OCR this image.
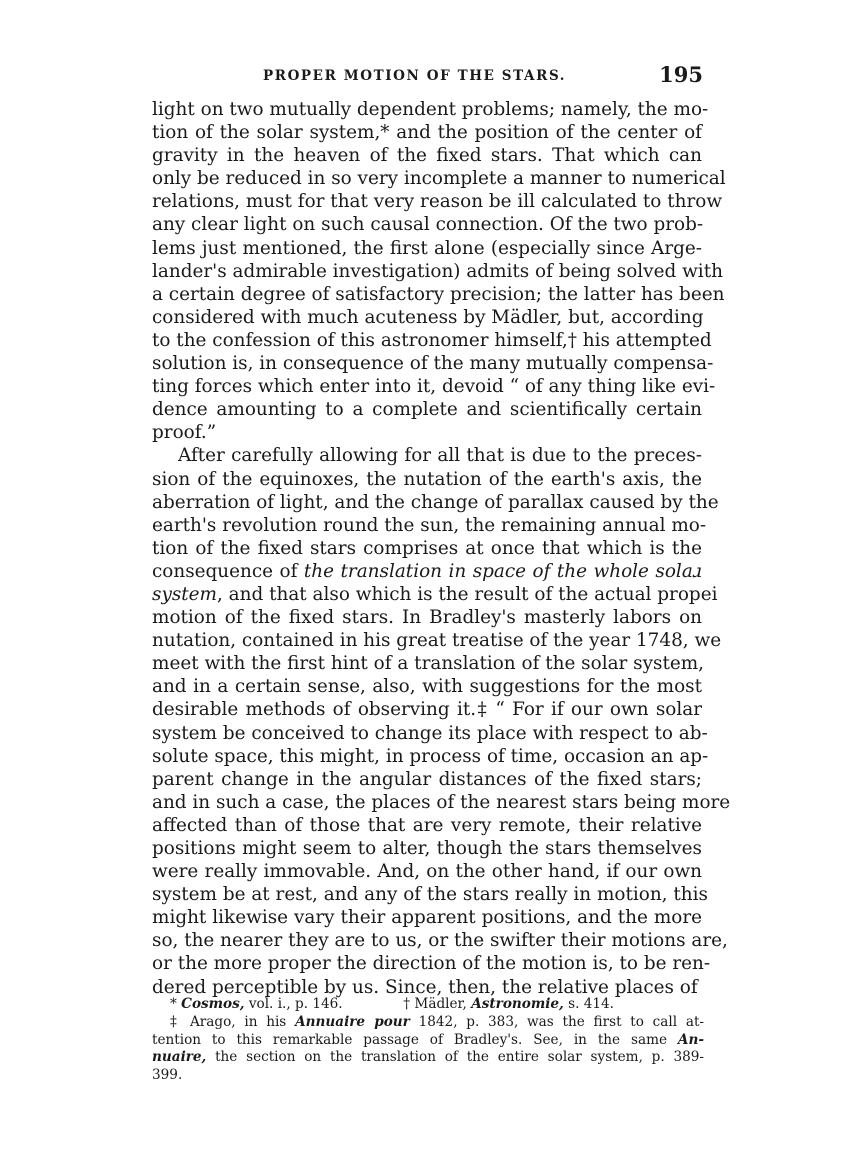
PROPER MOTION OF THE STARS.	195
light on two mutually dependent problems; namely, the mo-
tion of the solar system,* and the position of the center of
gravity in the heaven of the fixed stars. That which can
only be reduced in so very incomplete a manner to numerical
relations, must for that very reason be ill calculated to throw
any clear light on such causal connection. Of the two prob-
lems just mentioned, the first alone (especially since Arge-
lander's admirable investigation) admits of being solved with
a certain degree of satisfactory precision; the latter has been
considered with much acuteness by Mädler, but, according
to the confession of this astronomer himself,† his attempted
solution is, in consequence of the many mutually compensa-
ting forces which enter into it, devoid “ of any thing like evi-
dence amounting to a complete and scientifically certain
proof.”
After carefully allowing for all that is due to the preces-
sion of the equinoxes, the nutation of the earth's axis, the
aberration of light, and the change of parallax caused by the
earth's revolution round the sun, the remaining annual mo-
tion of the fixed stars comprises at once that which is the
consequence of the translation in space of the whole solaɹ
system, and that also which is the result of the actual propei
motion of the fixed stars. In Bradley's masterly labors on
nutation, contained in his great treatise of the year 1748, we
meet with the first hint of a translation of the solar system,
and in a certain sense, also, with suggestions for the most
desirable methods of observing it.‡ “ For if our own solar
system be conceived to change its place with respect to ab-
solute space, this might, in process of time, occasion an ap-
parent change in the angular distances of the fixed stars;
and in such a case, the places of the nearest stars being more
affected than of those that are very remote, their relative
positions might seem to alter, though the stars themselves
were really immovable. And, on the other hand, if our own
system be at rest, and any of the stars really in motion, this
might likewise vary their apparent positions, and the more
so, the nearer they are to us, or the swifter their motions are,
or the more proper the direction of the motion is, to be ren-
dered perceptible by us. Since, then, the relative places of
* Cosmos, vol. i., p. 146.	† Mädler, Astronomie, s. 414.
‡ Arago, in his Annuaire pour 1842, p. 383, was the first to call at-
tention to this remarkable passage of Bradley's. See, in the same An-
nuaire, the section on the translation of the entire solar system, p. 389-
399.
